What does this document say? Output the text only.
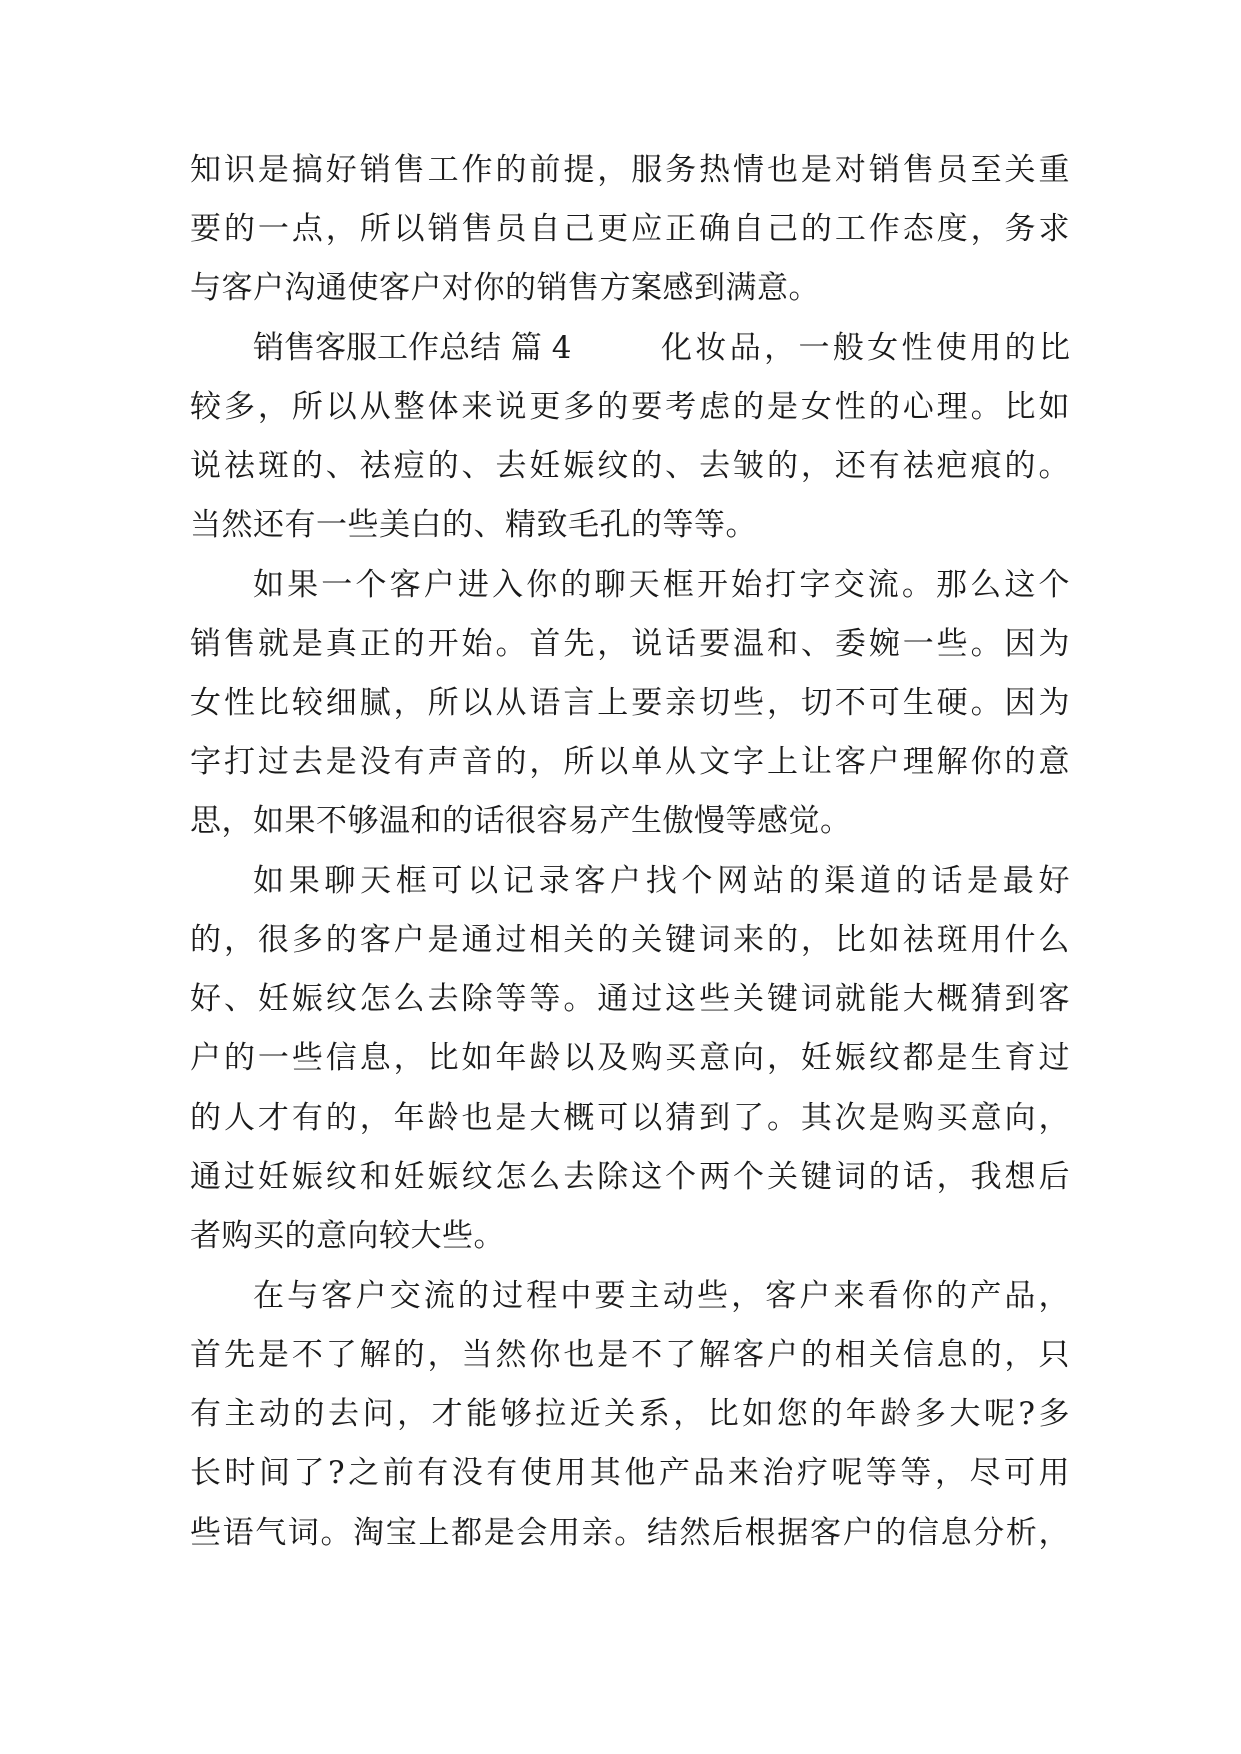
知识是搞好销售工作的前提，服务热情也是对销售员至关重
要的一点，所以销售员自己更应正确自己的工作态度，务求
与客户沟通使客户对你的销售方案感到满意。
销售客服工作总结 篇 4	化妆品，一般女性使用的比
较多，所以从整体来说更多的要考虑的是女性的心理。比如
说祛斑的、祛痘的、去妊娠纹的、去皱的，还有祛疤痕的。
当然还有一些美白的、精致毛孔的等等。
如果一个客户进入你的聊天框开始打字交流。那么这个
销售就是真正的开始。首先，说话要温和、委婉一些。因为
女性比较细腻，所以从语言上要亲切些，切不可生硬。因为
字打过去是没有声音的，所以单从文字上让客户理解你的意
思，如果不够温和的话很容易产生傲慢等感觉。
如果聊天框可以记录客户找个网站的渠道的话是最好
的，很多的客户是通过相关的关键词来的，比如祛斑用什么
好、妊娠纹怎么去除等等。通过这些关键词就能大概猜到客
户的一些信息，比如年龄以及购买意向，妊娠纹都是生育过
的人才有的，年龄也是大概可以猜到了。其次是购买意向，
通过妊娠纹和妊娠纹怎么去除这个两个关键词的话，我想后
者购买的意向较大些。
在与客户交流的过程中要主动些，客户来看你的产品，
首先是不了解的，当然你也是不了解客户的相关信息的，只
有主动的去问，才能够拉近关系，比如您的年龄多大呢?多
长时间了?之前有没有使用其他产品来治疗呢等等，尽可用
些语气词。淘宝上都是会用亲。结然后根据客户的信息分析，
